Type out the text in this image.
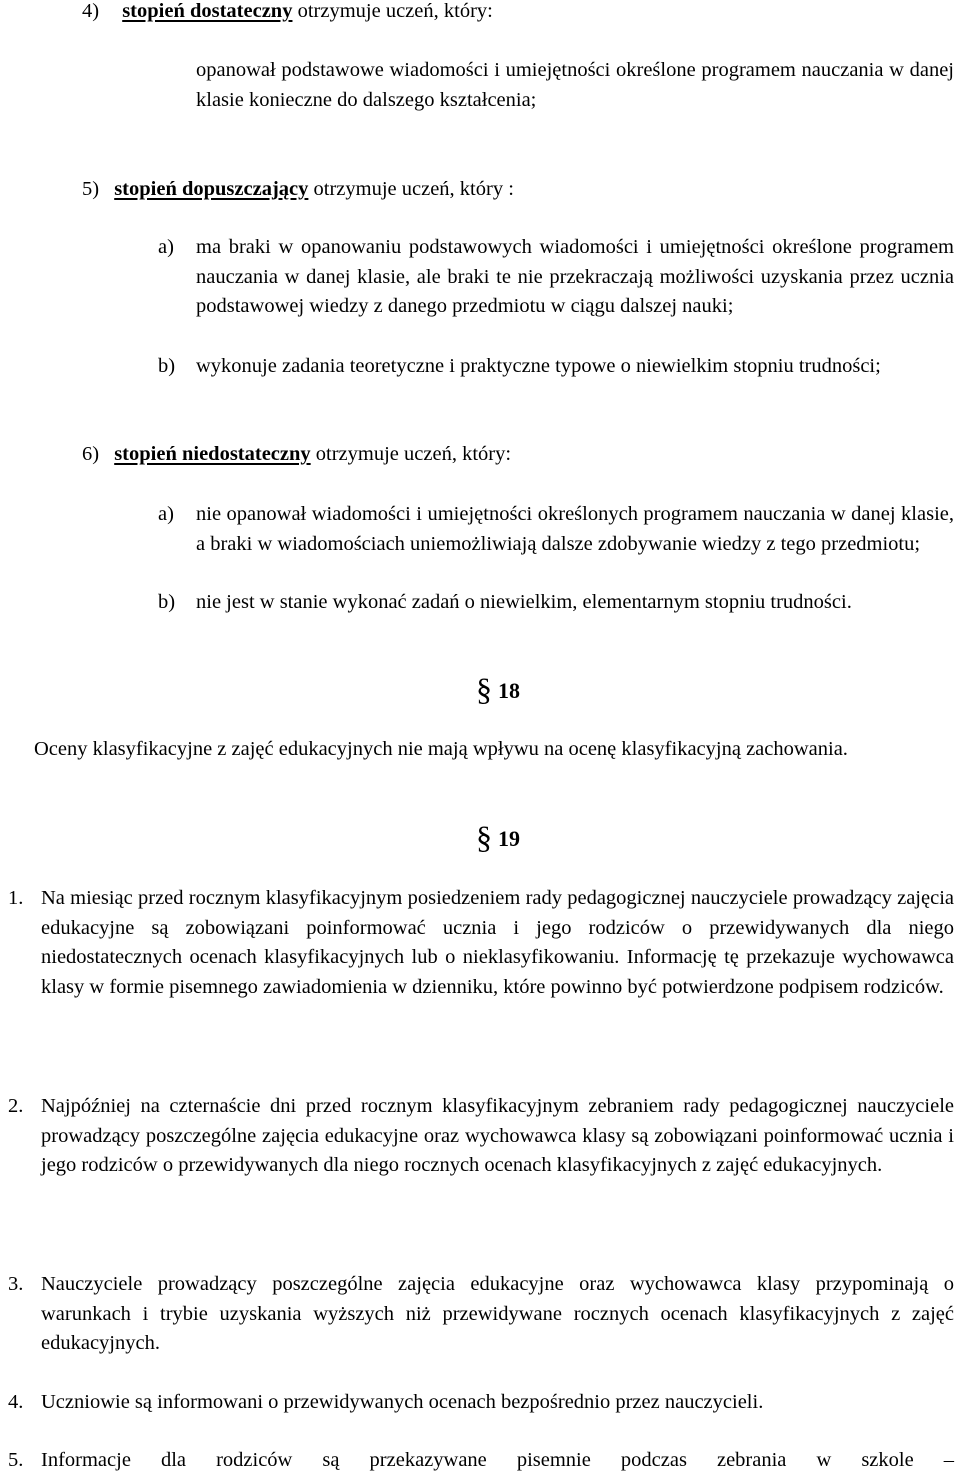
4) stopień dostateczny otrzymuje uczeń, który:
opanował podstawowe wiadomości i umiejętności określone programem nauczania w danej klasie konieczne do dalszego kształcenia;
5) stopień dopuszczający otrzymuje uczeń, który :
a)	ma braki w opanowaniu podstawowych wiadomości i umiejętności określone programem nauczania w danej klasie, ale braki te nie przekraczają możliwości uzyskania przez ucznia podstawowej wiedzy z danego przedmiotu w ciągu dalszej nauki;
b)	wykonuje zadania teoretyczne i praktyczne typowe o niewielkim stopniu trudności;
6) stopień niedostateczny otrzymuje uczeń, który:
a)	nie opanował wiadomości i umiejętności określonych programem nauczania w danej klasie, a braki w wiadomościach uniemożliwiają dalsze zdobywanie wiedzy z tego przedmiotu;
b)	nie jest w stanie wykonać zadań o niewielkim, elementarnym stopniu trudności.
§ 18
Oceny klasyfikacyjne z zajęć edukacyjnych nie mają wpływu na ocenę klasyfikacyjną zachowania.
§ 19
1. Na miesiąc przed rocznym klasyfikacyjnym posiedzeniem rady pedagogicznej nauczyciele prowadzący zajęcia edukacyjne są zobowiązani poinformować ucznia i jego rodziców o przewidywanych dla niego niedostatecznych ocenach klasyfikacyjnych lub o nieklasyfikowaniu. Informację tę przekazuje wychowawca klasy w formie pisemnego zawiadomienia w dzienniku, które powinno być potwierdzone podpisem rodziców.
2. Najpóźniej na czternaście dni przed rocznym klasyfikacyjnym zebraniem rady pedagogicznej nauczyciele prowadzący poszczególne zajęcia edukacyjne oraz wychowawca klasy są zobowiązani poinformować ucznia i jego rodziców o przewidywanych dla niego rocznych ocenach klasyfikacyjnych z zajęć edukacyjnych.
3. Nauczyciele prowadzący poszczególne zajęcia edukacyjne oraz wychowawca klasy przypominają o warunkach i trybie uzyskania wyższych niż przewidywane rocznych ocenach klasyfikacyjnych z zajęć edukacyjnych.
4. Uczniowie są informowani o przewidywanych ocenach bezpośrednio przez nauczycieli.
5. Informacje dla rodziców są przekazywane pisemnie podczas zebrania w szkole –
